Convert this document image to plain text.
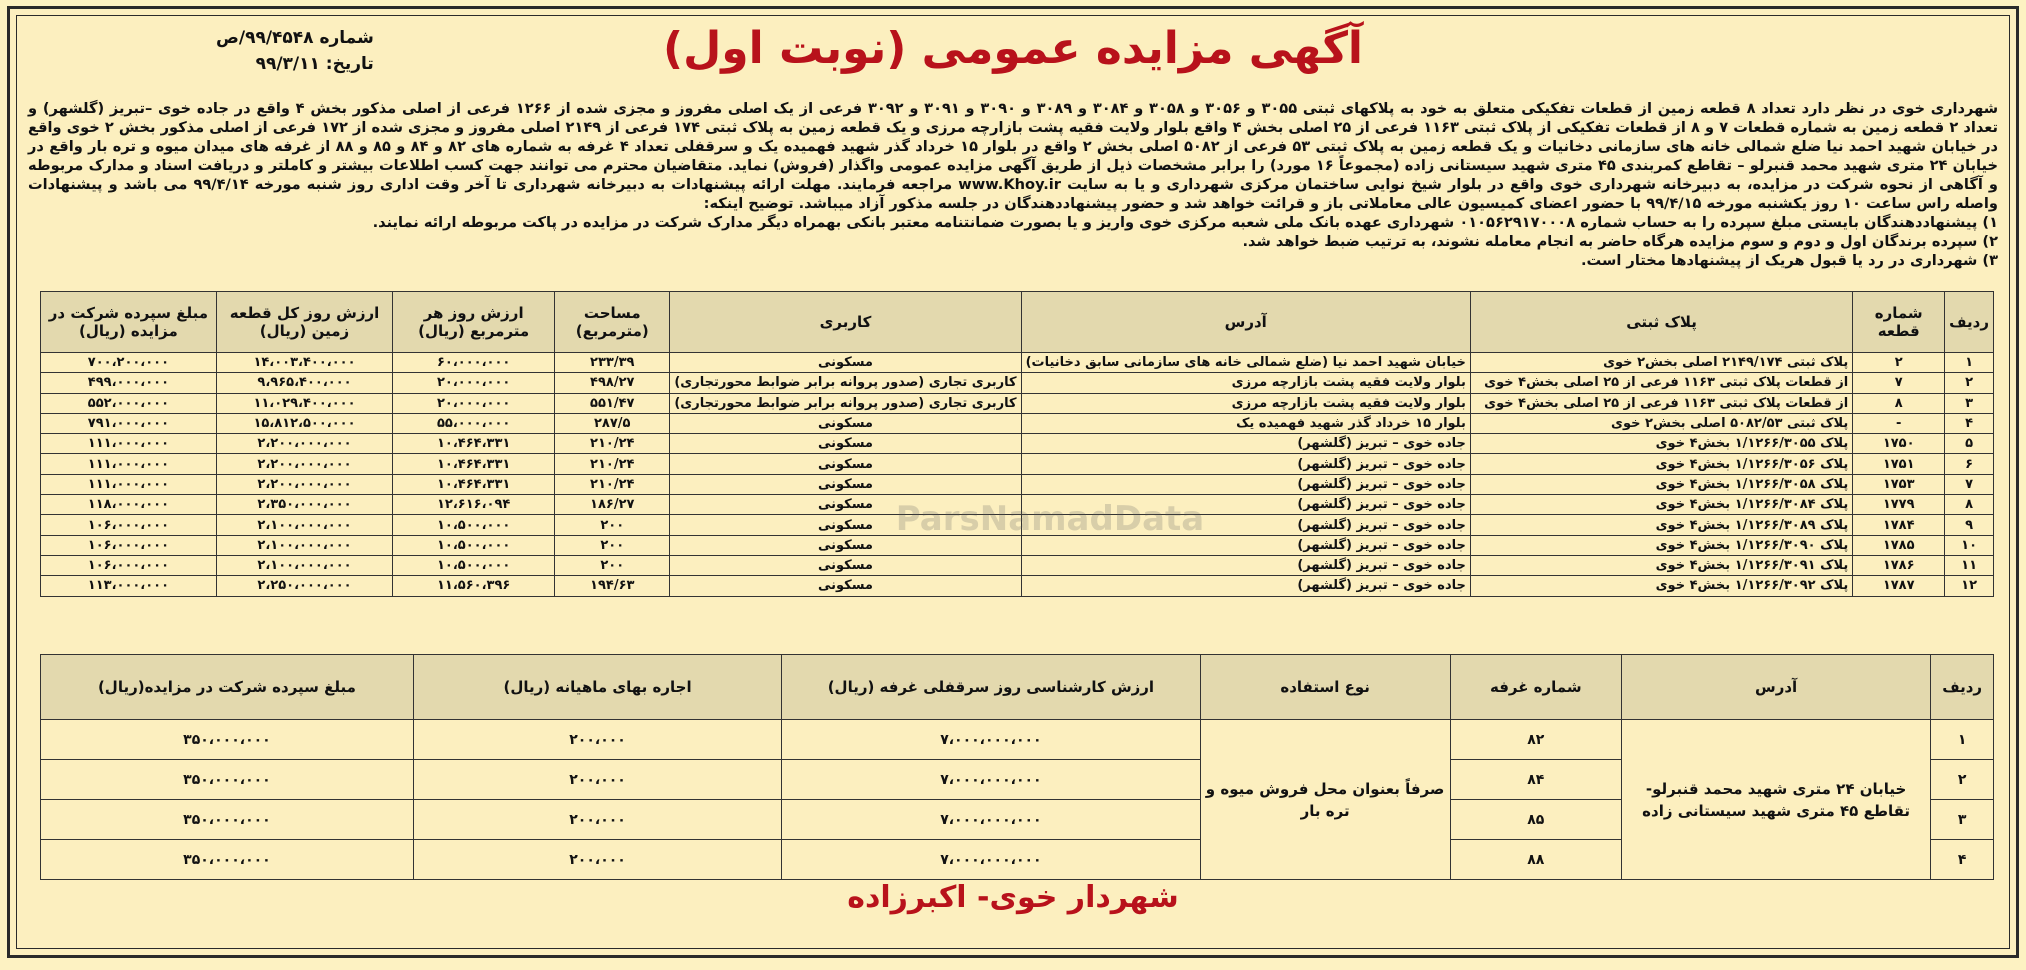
آگهی مزایده عمومی (نوبت اول)
شماره ۹۹/۴۵۴۸/ص
تاریخ: ۹۹/۳/۱۱

شهرداری خوی در نظر دارد تعداد ۸ قطعه زمین از قطعات تفکیکی متعلق به خود به پلاکهای ثبتی ۳۰۵۵ و ۳۰۵۶ و ۳۰۵۸ و ۳۰۸۴ و ۳۰۸۹ و ۳۰۹۰ و ۳۰۹۱ و ۳۰۹۲ فرعی از یک اصلی مفروز و مجزی شده از ۱۲۶۶ فرعی از اصلی مذکور بخش ۴ واقع در جاده خوی –تبریز (گلشهر) و تعداد ۲ قطعه زمین به شماره قطعات ۷ و ۸ از قطعات تفکیکی از پلاک ثبتی ۱۱۶۳ فرعی از ۲۵ اصلی بخش ۴ واقع بلوار ولایت فقیه پشت بازارچه مرزی و یک قطعه زمین به پلاک ثبتی ۱۷۴ فرعی از ۲۱۴۹ اصلی مفروز و مجزی شده از ۱۷۲ فرعی از اصلی مذکور بخش ۲ خوی واقع در خیابان شهید احمد نیا ضلع شمالی خانه های سازمانی دخانیات و یک قطعه زمین به پلاک ثبتی ۵۳ فرعی از ۵۰۸۲ اصلی بخش ۲ واقع در بلوار ۱۵ خرداد گذر شهید فهمیده یک و سرقفلی تعداد ۴ غرفه به شماره های ۸۲ و ۸۴ و ۸۵ و ۸۸ از غرفه های میدان میوه و تره بار واقع در خیابان ۲۴ متری شهید محمد قنبرلو – تقاطع کمربندی ۴۵ متری شهید سیستانی زاده (مجموعاً ۱۶ مورد) را برابر مشخصات ذیل از طریق آگهی مزایده عمومی واگذار (فروش) نماید. متقاضیان محترم می توانند جهت کسب اطلاعات بیشتر و کاملتر و دریافت اسناد و مدارک مربوطه و آگاهی از نحوه شرکت در مزایده، به دبیرخانه شهرداری خوی واقع در بلوار شیخ نوایی ساختمان مرکزی شهرداری و یا به سایت www.Khoy.ir مراجعه فرمایند. مهلت ارائه پیشنهادات به دبیرخانه شهرداری تا آخر وقت اداری روز شنبه مورخه ۹۹/۴/۱۴ می باشد و پیشنهادات واصله راس ساعت ۱۰ روز یکشنبه مورخه ۹۹/۴/۱۵ با حضور اعضای کمیسیون عالی معاملاتی باز و قرائت خواهد شد و حضور پیشنهاددهندگان در جلسه مذکور آزاد میباشد. توضیح اینکه:

۱) پیشنهاددهندگان بایستی مبلغ سپرده را به حساب شماره ۰۱۰۵۶۲۹۱۷۰۰۰۸ شهرداری عهده بانک ملی شعبه مرکزی خوی واریز و یا بصورت ضمانتنامه معتبر بانکی بهمراه دیگر مدارک شرکت در مزایده در پاکت مربوطه ارائه نمایند.

۲) سپرده برندگان اول و دوم و سوم مزایده هرگاه حاضر به انجام معامله نشوند، به ترتیب ضبط خواهد شد.

۳) شهرداری در رد یا قبول هریک از پیشنهادها مختار است.

ردیف	شماره قطعه	پلاک ثبتی	آدرس	کاربری	مساحت (مترمربع)	ارزش روز هر مترمربع (ریال)	ارزش روز کل قطعه زمین (ریال)	مبلغ سپرده شرکت در مزایده (ریال)
۱	۲	پلاک ثبتی ۲۱۴۹/۱۷۴ اصلی بخش۲ خوی	خیابان شهید احمد نیا (ضلع شمالی خانه های سازمانی سابق دخانیات)	مسکونی	۲۳۳/۳۹	۶۰،۰۰۰،۰۰۰	۱۴،۰۰۳،۴۰۰،۰۰۰	۷۰۰،۲۰۰،۰۰۰
۲	۷	از قطعات پلاک ثبتی ۱۱۶۳ فرعی از ۲۵ اصلی بخش۴ خوی	بلوار ولایت فقیه پشت بازارچه مرزی	کاربری تجاری (صدور پروانه برابر ضوابط محورتجاری)	۴۹۸/۲۷	۲۰،۰۰۰،۰۰۰	۹،۹۶۵،۴۰۰،۰۰۰	۴۹۹،۰۰۰،۰۰۰
۳	۸	از قطعات پلاک ثبتی ۱۱۶۳ فرعی از ۲۵ اصلی بخش۴ خوی	بلوار ولایت فقیه پشت بازارچه مرزی	کاربری تجاری (صدور پروانه برابر ضوابط محورتجاری)	۵۵۱/۴۷	۲۰،۰۰۰،۰۰۰	۱۱،۰۲۹،۴۰۰،۰۰۰	۵۵۲،۰۰۰،۰۰۰
۴	-	پلاک ثبتی ۵۰۸۲/۵۳ اصلی بخش۲ خوی	بلوار ۱۵ خرداد گذر شهید فهمیده یک	مسکونی	۲۸۷/۵	۵۵،۰۰۰،۰۰۰	۱۵،۸۱۲،۵۰۰،۰۰۰	۷۹۱،۰۰۰،۰۰۰
۵	۱۷۵۰	پلاک ۱/۱۲۶۶/۳۰۵۵ بخش۴ خوی	جاده خوی – تبریز (گلشهر)	مسکونی	۲۱۰/۲۴	۱۰،۴۶۴،۳۳۱	۲،۲۰۰،۰۰۰،۰۰۰	۱۱۱،۰۰۰،۰۰۰
۶	۱۷۵۱	پلاک ۱/۱۲۶۶/۳۰۵۶ بخش۴ خوی	جاده خوی – تبریز (گلشهر)	مسکونی	۲۱۰/۲۴	۱۰،۴۶۴،۳۳۱	۲،۲۰۰،۰۰۰،۰۰۰	۱۱۱،۰۰۰،۰۰۰
۷	۱۷۵۳	پلاک ۱/۱۲۶۶/۳۰۵۸ بخش۴ خوی	جاده خوی – تبریز (گلشهر)	مسکونی	۲۱۰/۲۴	۱۰،۴۶۴،۳۳۱	۲،۲۰۰،۰۰۰،۰۰۰	۱۱۱،۰۰۰،۰۰۰
۸	۱۷۷۹	پلاک ۱/۱۲۶۶/۳۰۸۴ بخش۴ خوی	جاده خوی – تبریز (گلشهر)	مسکونی	۱۸۶/۲۷	۱۲،۶۱۶،۰۹۴	۲،۳۵۰،۰۰۰،۰۰۰	۱۱۸،۰۰۰،۰۰۰
۹	۱۷۸۴	پلاک ۱/۱۲۶۶/۳۰۸۹ بخش۴ خوی	جاده خوی – تبریز (گلشهر)	مسکونی	۲۰۰	۱۰،۵۰۰،۰۰۰	۲،۱۰۰،۰۰۰،۰۰۰	۱۰۶،۰۰۰،۰۰۰
۱۰	۱۷۸۵	پلاک ۱/۱۲۶۶/۳۰۹۰ بخش۴ خوی	جاده خوی – تبریز (گلشهر)	مسکونی	۲۰۰	۱۰،۵۰۰،۰۰۰	۲،۱۰۰،۰۰۰،۰۰۰	۱۰۶،۰۰۰،۰۰۰
۱۱	۱۷۸۶	پلاک ۱/۱۲۶۶/۳۰۹۱ بخش۴ خوی	جاده خوی – تبریز (گلشهر)	مسکونی	۲۰۰	۱۰،۵۰۰،۰۰۰	۲،۱۰۰،۰۰۰،۰۰۰	۱۰۶،۰۰۰،۰۰۰
۱۲	۱۷۸۷	پلاک ۱/۱۲۶۶/۳۰۹۲ بخش۴ خوی	جاده خوی – تبریز (گلشهر)	مسکونی	۱۹۴/۶۳	۱۱،۵۶۰،۳۹۶	۲،۲۵۰،۰۰۰،۰۰۰	۱۱۳،۰۰۰،۰۰۰
ردیف	آدرس	شماره غرفه	نوع استفاده	ارزش کارشناسی روز سرقفلی غرفه (ریال)	اجاره بهای ماهیانه (ریال)	مبلغ سپرده شرکت در مزایده(ریال)
۱	خیابان ۲۴ متری شهید محمد قنبرلو- تقاطع ۴۵ متری شهید سیستانی زاده	۸۲	صرفاً بعنوان محل فروش میوه و تره بار	۷،۰۰۰،۰۰۰،۰۰۰	۲۰۰،۰۰۰	۳۵۰،۰۰۰،۰۰۰
۲		۸۴		۷،۰۰۰،۰۰۰،۰۰۰	۲۰۰،۰۰۰	۳۵۰،۰۰۰،۰۰۰
۳		۸۵		۷،۰۰۰،۰۰۰،۰۰۰	۲۰۰،۰۰۰	۳۵۰،۰۰۰،۰۰۰
۴		۸۸		۷،۰۰۰،۰۰۰،۰۰۰	۲۰۰،۰۰۰	۳۵۰،۰۰۰،۰۰۰
ParsNamadData
شهردار خوی- اکبرزاده
